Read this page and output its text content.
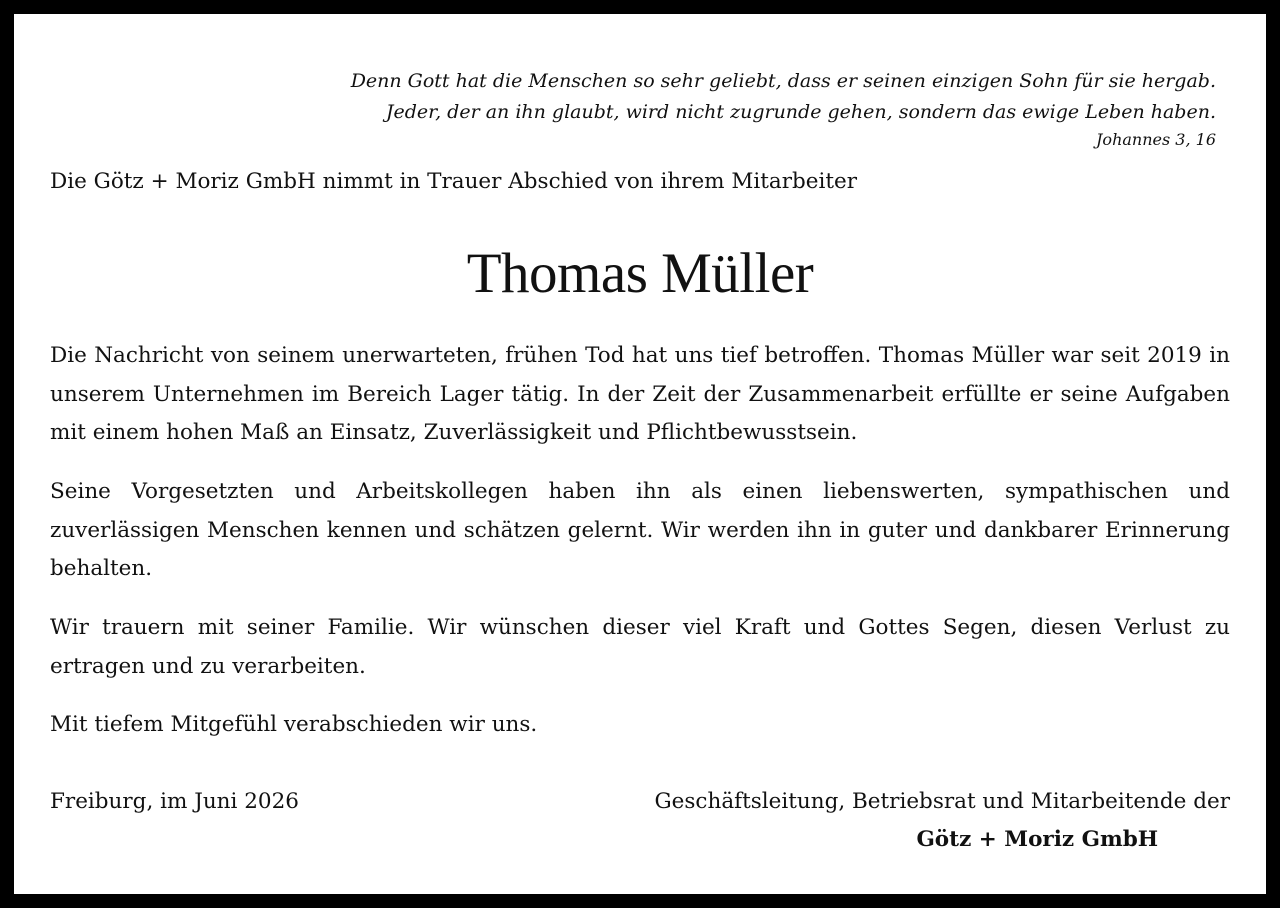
Denn Gott hat die Menschen so sehr geliebt, dass er seinen einzigen Sohn für sie hergab.
Jeder, der an ihn glaubt, wird nicht zugrunde gehen, sondern das ewige Leben haben.
Johannes 3, 16
Die Götz + Moriz GmbH nimmt in Trauer Abschied von ihrem Mitarbeiter
Thomas Müller
Die Nachricht von seinem unerwarteten, frühen Tod hat uns tief betroffen. Thomas Müller war seit 2019 in unserem Unternehmen im Bereich Lager tätig. In der Zeit der Zusammenarbeit erfüllte er seine Aufgaben mit einem hohen Maß an Einsatz, Zuverlässigkeit und Pflichtbewusstsein.
Seine Vorgesetzten und Arbeitskollegen haben ihn als einen liebenswerten, sympathischen und zuverlässigen Menschen kennen und schätzen gelernt. Wir werden ihn in guter und dankbarer Erinnerung behalten.
Wir trauern mit seiner Familie. Wir wünschen dieser viel Kraft und Gottes Segen, diesen Verlust zu ertragen und zu verarbeiten.
Mit tiefem Mitgefühl verabschieden wir uns.
Freiburg, im Juni 2026	Geschäftsleitung, Betriebsrat und Mitarbeitende der
Götz + Moriz GmbH
